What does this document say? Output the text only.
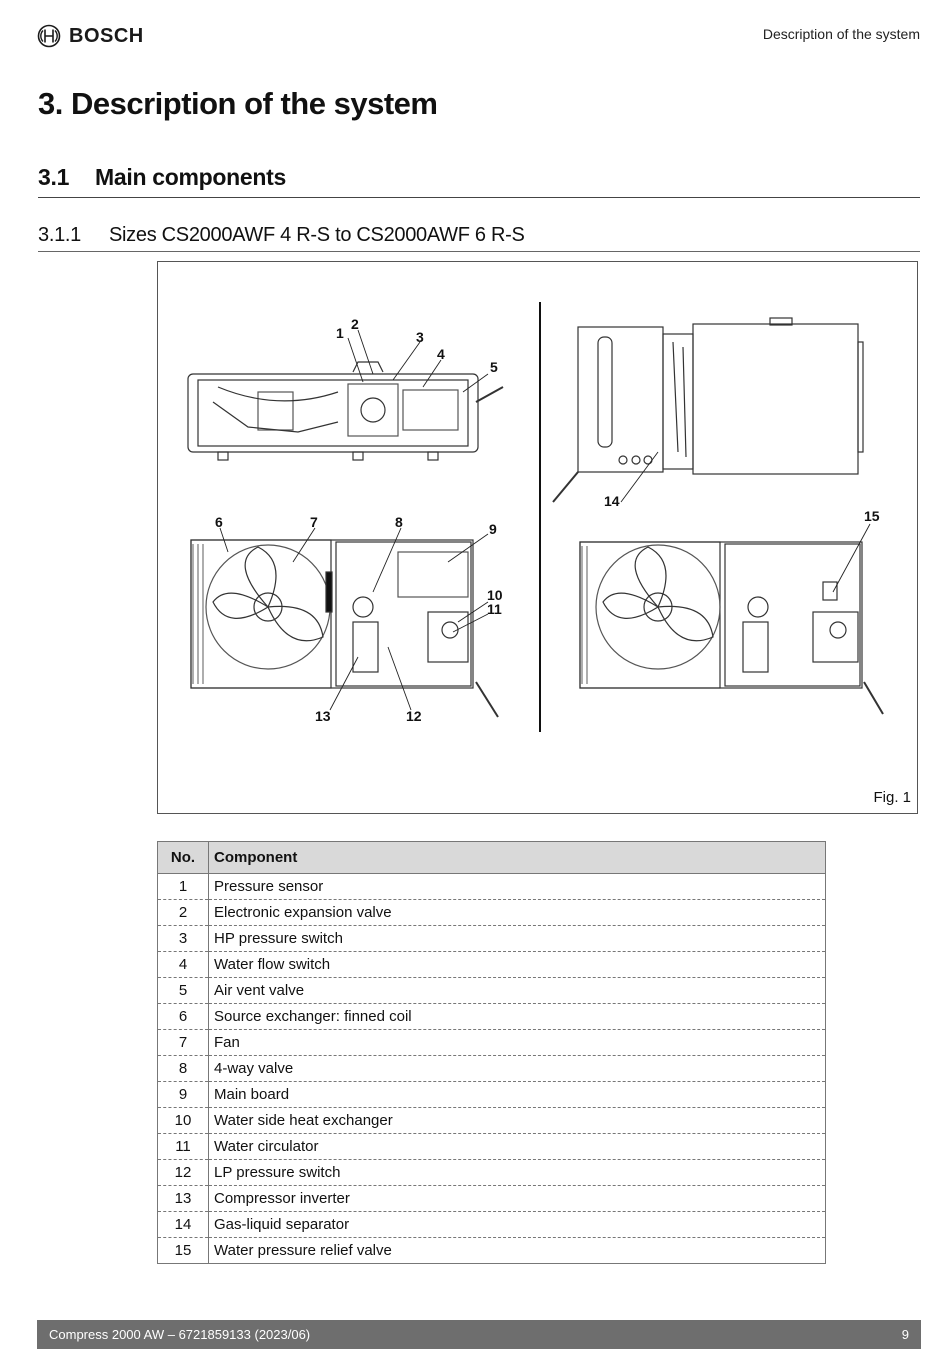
BOSCH	Description of the system
3. Description of the system
3.1 Main components
3.1.1 Sizes CS2000AWF 4 R-S to CS2000AWF 6 R-S
1
2
3
4
5
6	7	8	9
10
11
12
13
14
15
Fig. 1
No.	Component
1	Pressure sensor
2	Electronic expansion valve
3	HP pressure switch
4	Water flow switch
5	Air vent valve
6	Source exchanger: finned coil
7	Fan
8	4-way valve
9	Main board
10	Water side heat exchanger
11	Water circulator
12	LP pressure switch
13	Compressor inverter
14	Gas-liquid separator
15	Water pressure relief valve
Compress 2000 AW – 6721859133 (2023/06)	9
